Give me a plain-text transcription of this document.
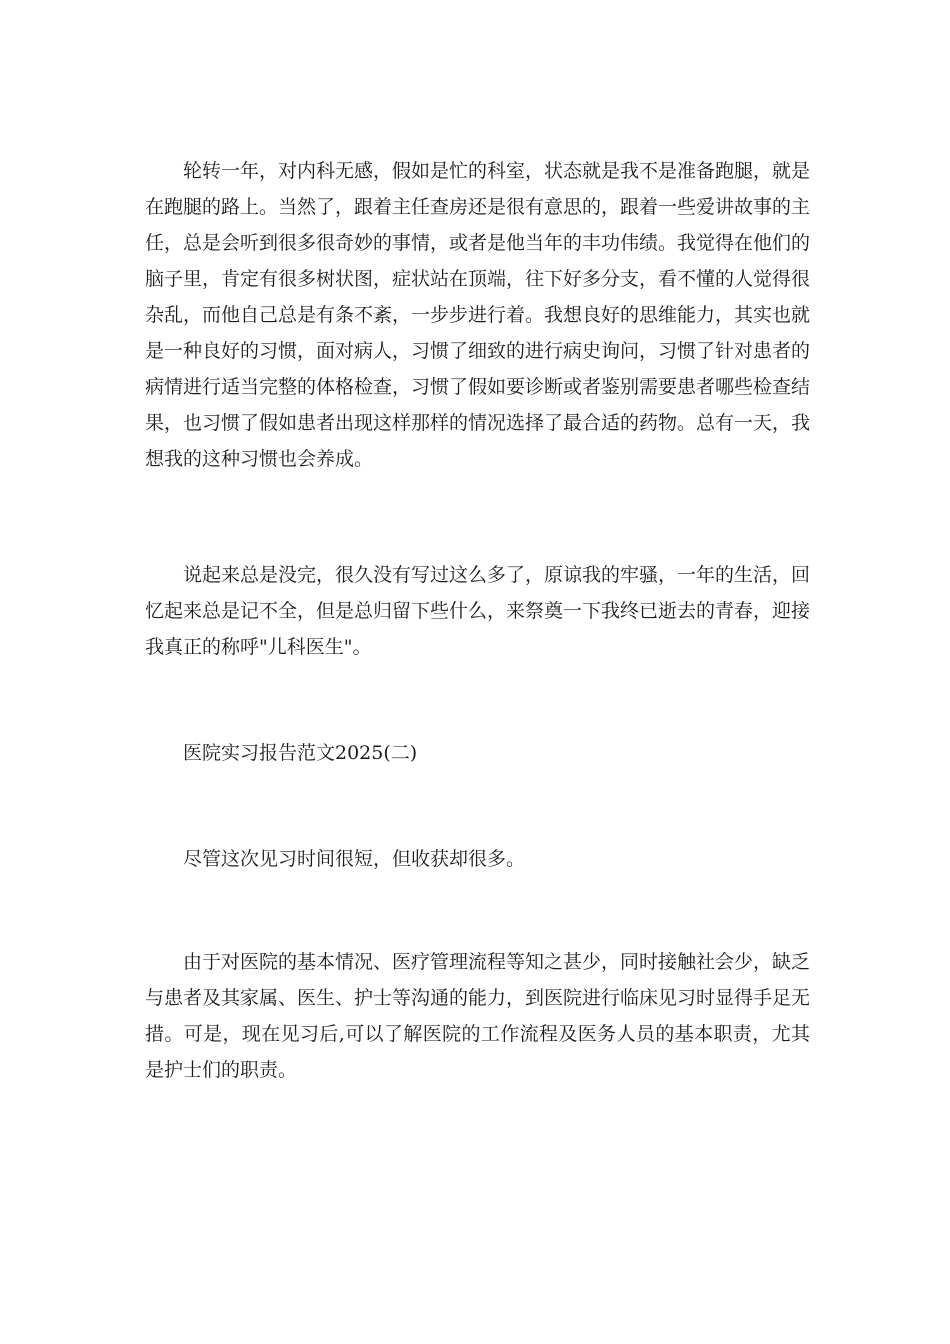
轮转一年，对内科无感，假如是忙的科室，状态就是我不是准备跑腿，就是在跑腿的路上。当然了，跟着主任查房还是很有意思的，跟着一些爱讲故事的主任，总是会听到很多很奇妙的事情，或者是他当年的丰功伟绩。我觉得在他们的脑子里，肯定有很多树状图，症状站在顶端，往下好多分支，看不懂的人觉得很杂乱，而他自己总是有条不紊，一步步进行着。我想良好的思维能力，其实也就是一种良好的习惯，面对病人，习惯了细致的进行病史询问，习惯了针对患者的病情进行适当完整的体格检查，习惯了假如要诊断或者鉴别需要患者哪些检查结果，也习惯了假如患者出现这样那样的情况选择了最合适的药物。总有一天，我想我的这种习惯也会养成。

说起来总是没完，很久没有写过这么多了，原谅我的牢骚，一年的生活，回忆起来总是记不全，但是总归留下些什么，来祭奠一下我终已逝去的青春，迎接我真正的称呼"儿科医生"。

医院实习报告范文2025(二)

尽管这次见习时间很短，但收获却很多。

由于对医院的基本情况、医疗管理流程等知之甚少，同时接触社会少，缺乏与患者及其家属、医生、护士等沟通的能力，到医院进行临床见习时显得手足无措。可是，现在见习后,可以了解医院的工作流程及医务人员的基本职责，尤其是护士们的职责。
